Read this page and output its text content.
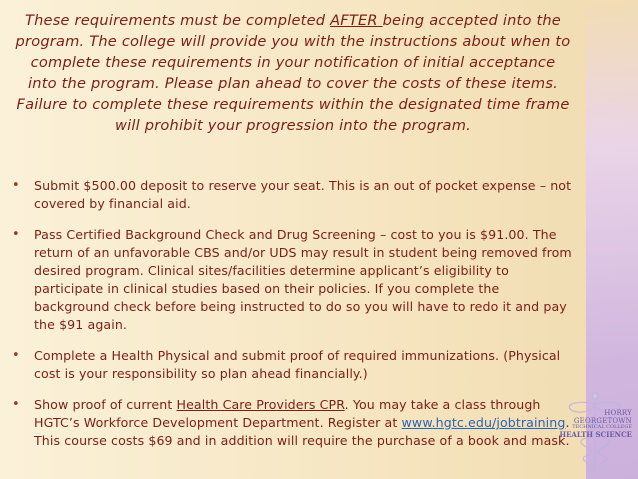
These requirements must be completed AFTER being accepted into the program. The college will provide you with the instructions about when to complete these requirements in your notification of initial acceptance into the program. Please plan ahead to cover the costs of these items. Failure to complete these requirements within the designated time frame will prohibit your progression into the program.
• Submit $500.00 deposit to reserve your seat. This is an out of pocket expense – not covered by financial aid.
• Pass Certified Background Check and Drug Screening – cost to you is $91.00. The return of an unfavorable CBS and/or UDS may result in student being removed from desired program. Clinical sites/facilities determine applicant’s eligibility to participate in clinical studies based on their policies. If you complete the background check before being instructed to do so you will have to redo it and pay the $91 again.
• Complete a Health Physical and submit proof of required immunizations. (Physical cost is your responsibility so plan ahead financially.)
• Show proof of current Health Care Providers CPR. You may take a class through HGTC’s Workforce Development Department. Register at www.hgtc.edu/jobtraining. This course costs $69 and in addition will require the purchase of a book and mask.
HORRY GEORGETOWN
TECHNICAL COLLEGE
HEALTH SCIENCE
